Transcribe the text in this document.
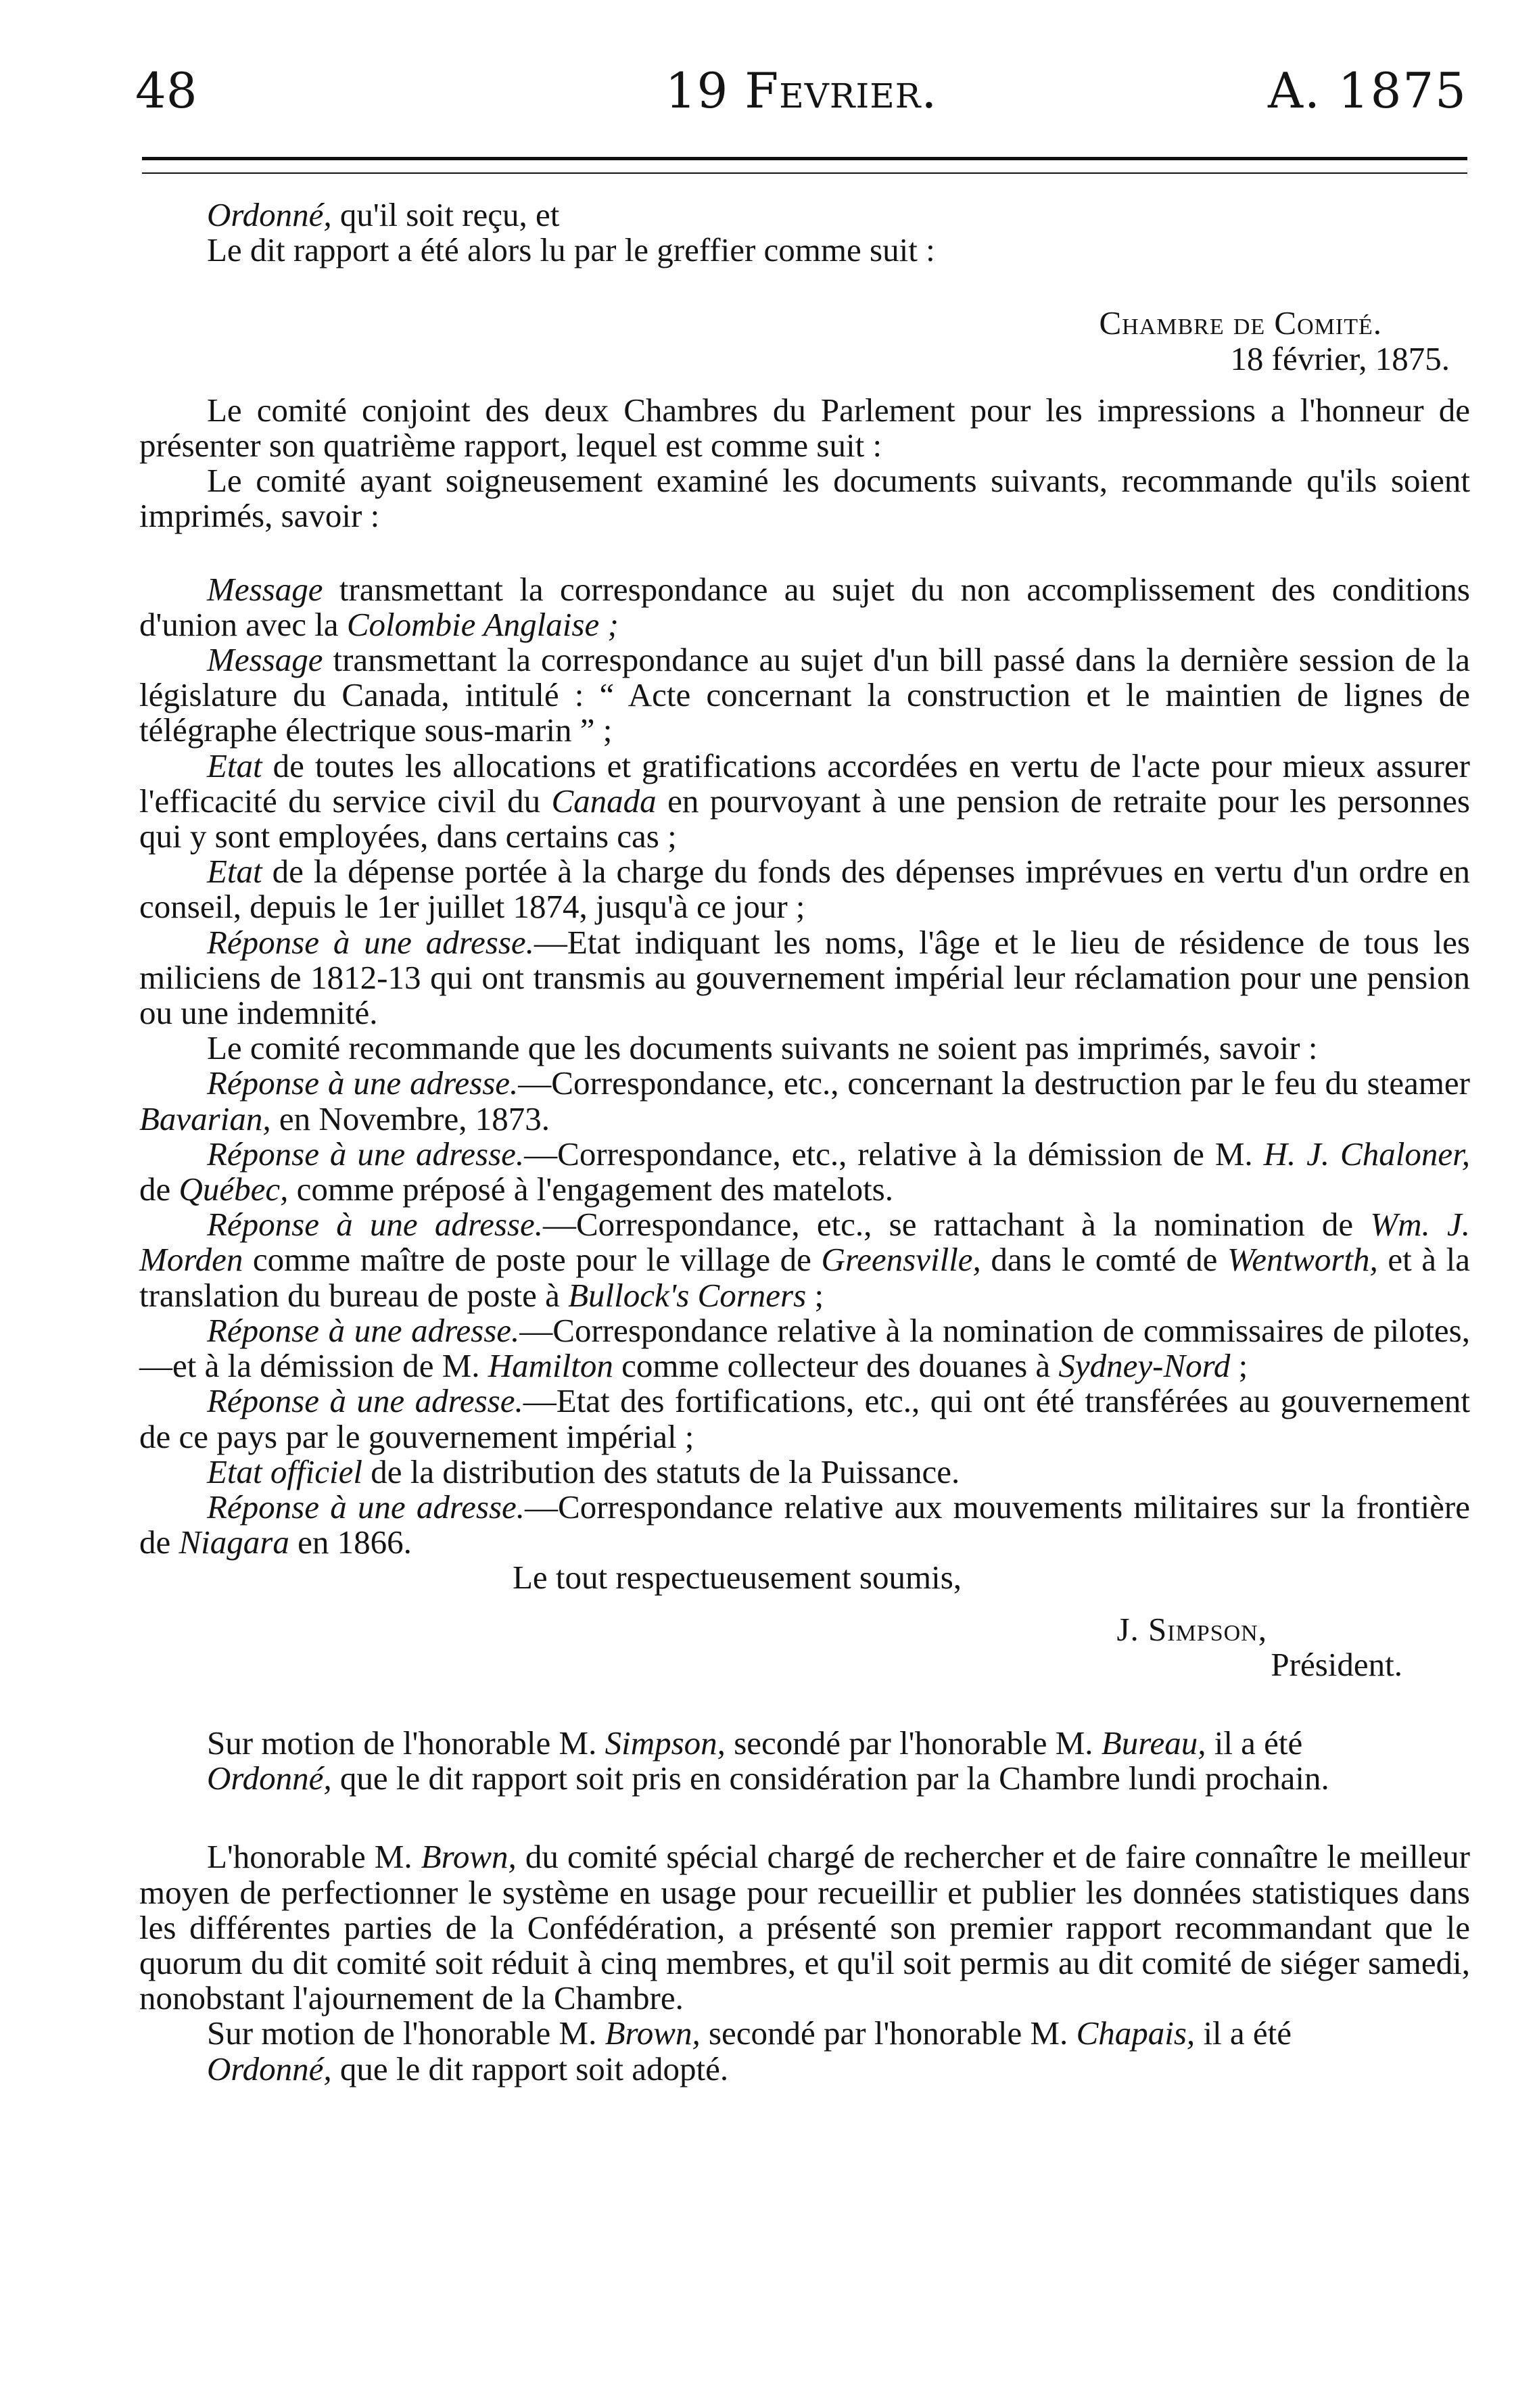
48	19 Fevrier.	A. 1875

Ordonné, qu'il soit reçu, et

Le dit rapport a été alors lu par le greffier comme suit :

Chambre de Comité.

18 février, 1875.

Le comité conjoint des deux Chambres du Parlement pour les impressions a l'honneur de présenter son quatrième rapport, lequel est comme suit :

Le comité ayant soigneusement examiné les documents suivants, recommande qu'ils soient imprimés, savoir :

Message transmettant la correspondance au sujet du non accomplissement des conditions d'union avec la Colombie Anglaise ;

Message transmettant la correspondance au sujet d'un bill passé dans la dernière session de la législature du Canada, intitulé : “ Acte concernant la construction et le maintien de lignes de télégraphe électrique sous-marin ” ;

Etat de toutes les allocations et gratifications accordées en vertu de l'acte pour mieux assurer l'efficacité du service civil du Canada en pourvoyant à une pension de retraite pour les personnes qui y sont employées, dans certains cas ;

Etat de la dépense portée à la charge du fonds des dépenses imprévues en vertu d'un ordre en conseil, depuis le 1er juillet 1874, jusqu'à ce jour ;

Réponse à une adresse.—Etat indiquant les noms, l'âge et le lieu de résidence de tous les miliciens de 1812-13 qui ont transmis au gouvernement impérial leur réclamation pour une pension ou une indemnité.

Le comité recommande que les documents suivants ne soient pas imprimés, savoir :

Réponse à une adresse.—Correspondance, etc., concernant la destruction par le feu du steamer Bavarian, en Novembre, 1873.

Réponse à une adresse.—Correspondance, etc., relative à la démission de M. H. J. Chaloner, de Québec, comme préposé à l'engagement des matelots.

Réponse à une adresse.—Correspondance, etc., se rattachant à la nomination de Wm. J. Morden comme maître de poste pour le village de Greensville, dans le comté de Wentworth, et à la translation du bureau de poste à Bullock's Corners ;

Réponse à une adresse.—Correspondance relative à la nomination de commissaires de pilotes,—et à la démission de M. Hamilton comme collecteur des douanes à Sydney-Nord ;

Réponse à une adresse.—Etat des fortifications, etc., qui ont été transférées au gouvernement de ce pays par le gouvernement impérial ;

Etat officiel de la distribution des statuts de la Puissance.

Réponse à une adresse.—Correspondance relative aux mouvements militaires sur la frontière de Niagara en 1866.

Le tout respectueusement soumis,

J. Simpson,

Président.

Sur motion de l'honorable M. Simpson, secondé par l'honorable M. Bureau, il a été

Ordonné, que le dit rapport soit pris en considération par la Chambre lundi prochain.

L'honorable M. Brown, du comité spécial chargé de rechercher et de faire connaître le meilleur moyen de perfectionner le système en usage pour recueillir et publier les données statistiques dans les différentes parties de la Confédération, a présenté son premier rapport recommandant que le quorum du dit comité soit réduit à cinq membres, et qu'il soit permis au dit comité de siéger samedi, nonobstant l'ajournement de la Chambre.

Sur motion de l'honorable M. Brown, secondé par l'honorable M. Chapais, il a été

Ordonné, que le dit rapport soit adopté.
